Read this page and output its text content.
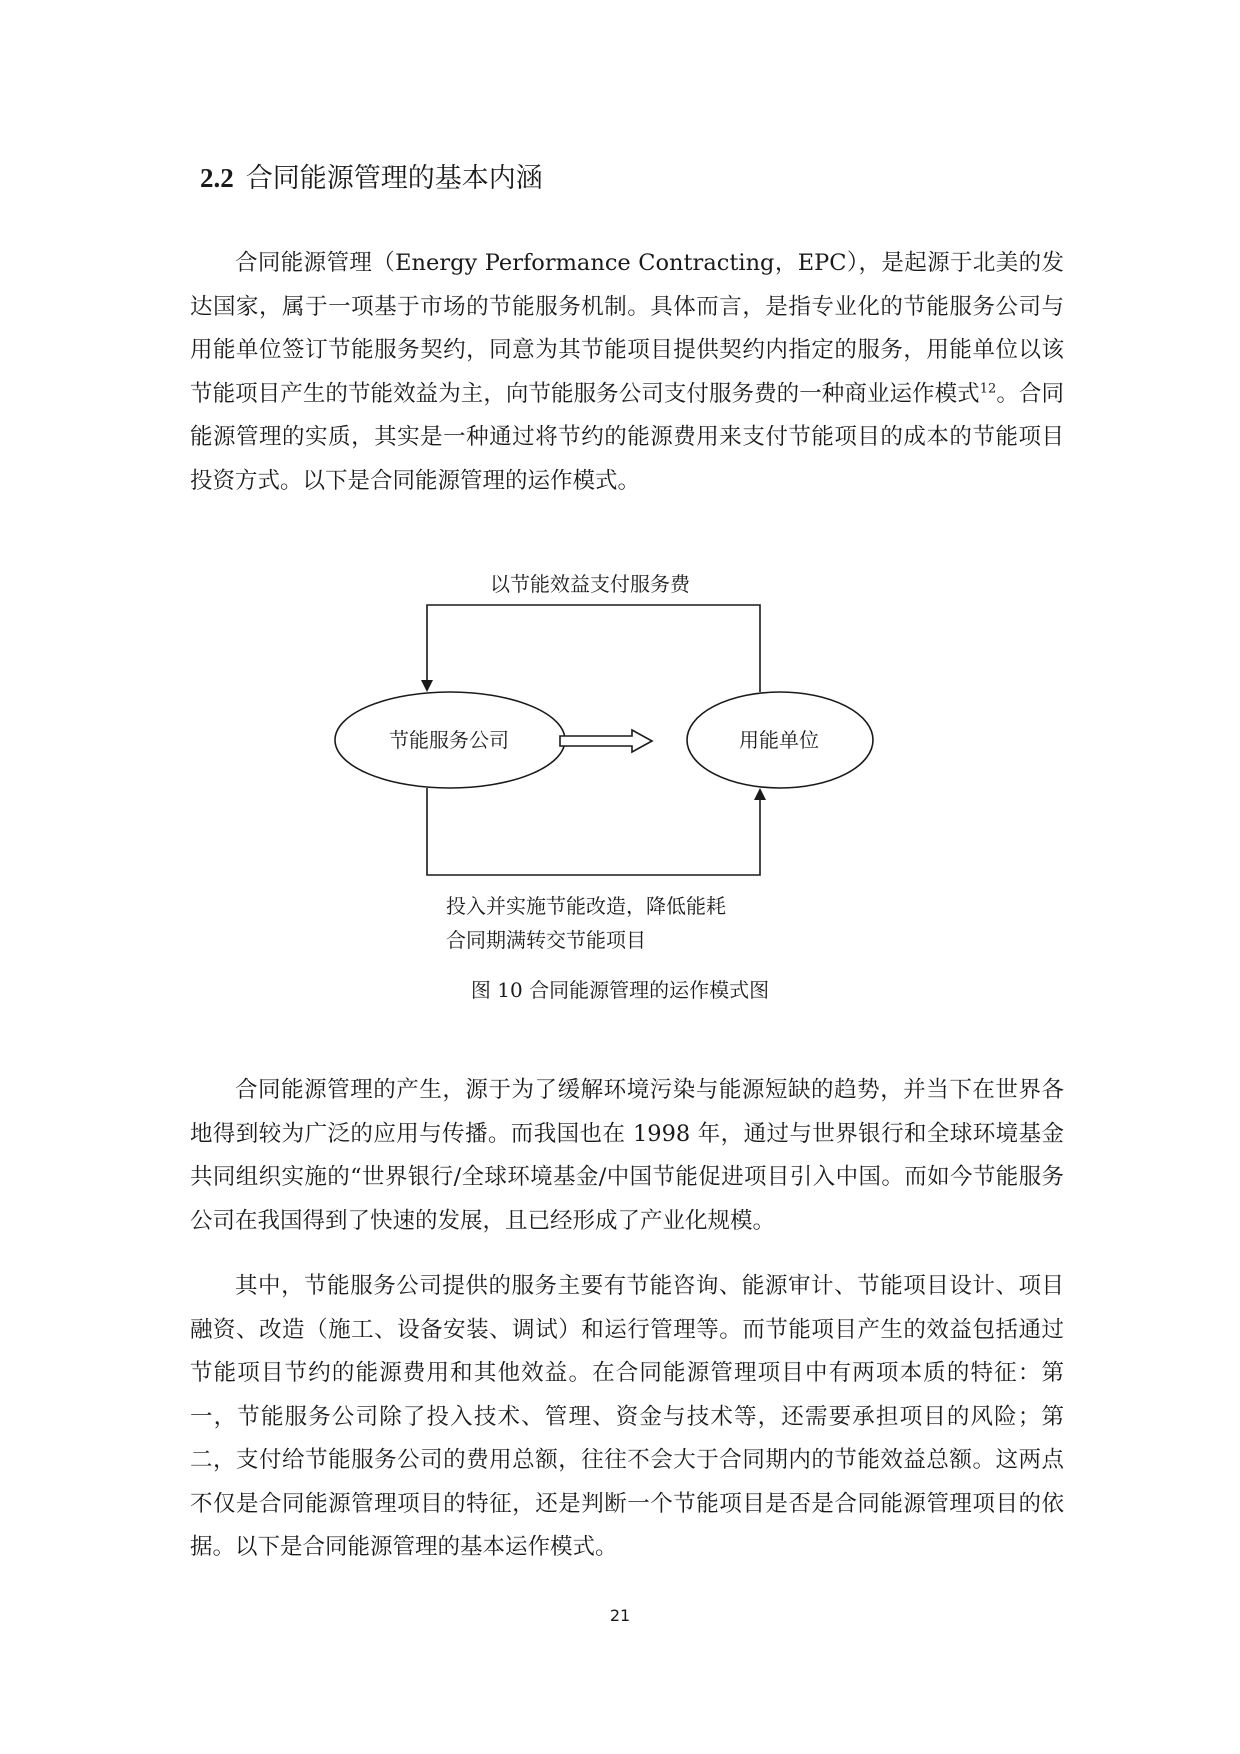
2.2 合同能源管理的基本内涵

合同能源管理（Energy Performance Contracting，EPC），是起源于北美的发达国家，属于一项基于市场的节能服务机制。具体而言，是指专业化的节能服务公司与用能单位签订节能服务契约，同意为其节能项目提供契约内指定的服务，用能单位以该节能项目产生的节能效益为主，向节能服务公司支付服务费的一种商业运作模式$^{12}$。合同能源管理的实质，其实是一种通过将节约的能源费用来支付节能项目的成本的节能项目投资方式。以下是合同能源管理的运作模式。

以节能效益支付服务费
节能服务公司	用能单位
投入并实施节能改造，降低能耗
合同期满转交节能项目
图 10 合同能源管理的运作模式图

合同能源管理的产生，源于为了缓解环境污染与能源短缺的趋势，并当下在世界各地得到较为广泛的应用与传播。而我国也在 1998 年，通过与世界银行和全球环境基金共同组织实施的“世界银行/全球环境基金/中国节能促进项目引入中国。而如今节能服务公司在我国得到了快速的发展，且已经形成了产业化规模。

其中，节能服务公司提供的服务主要有节能咨询、能源审计、节能项目设计、项目融资、改造（施工、设备安装、调试）和运行管理等。而节能项目产生的效益包括通过节能项目节约的能源费用和其他效益。在合同能源管理项目中有两项本质的特征：第一，节能服务公司除了投入技术、管理、资金与技术等，还需要承担项目的风险；第二，支付给节能服务公司的费用总额，往往不会大于合同期内的节能效益总额。这两点不仅是合同能源管理项目的特征，还是判断一个节能项目是否是合同能源管理项目的依据。以下是合同能源管理的基本运作模式。

21
